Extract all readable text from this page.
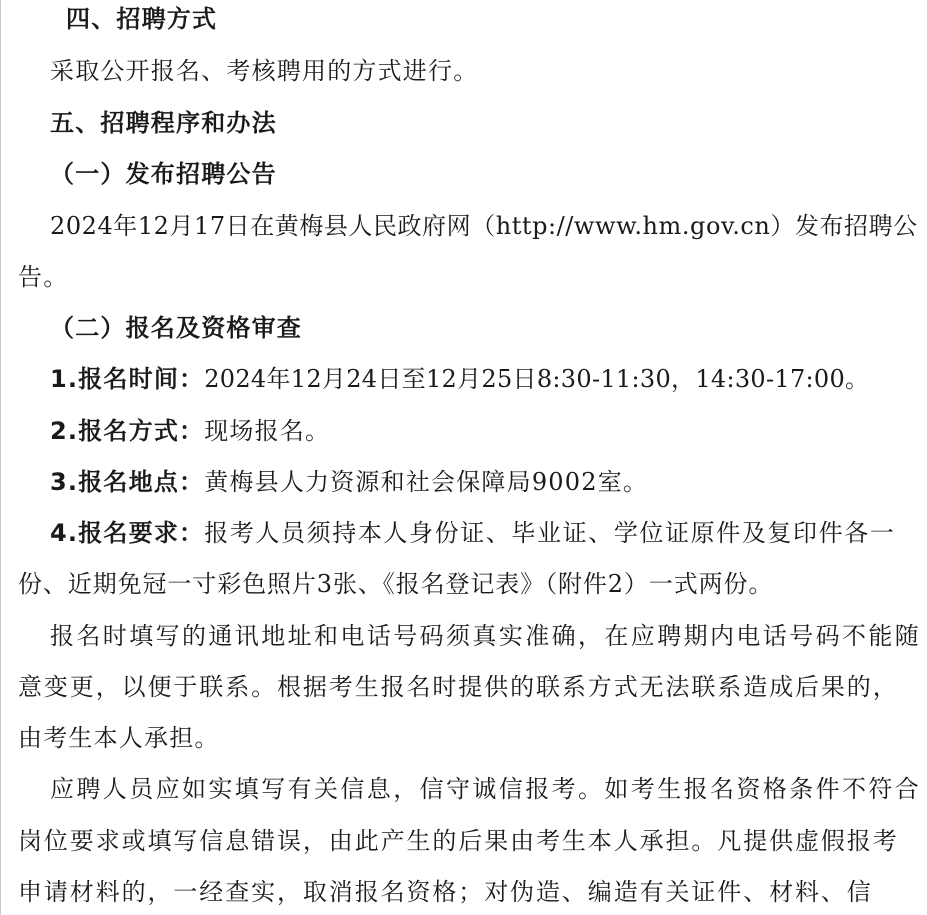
四、招聘方式
采取公开报名、考核聘用的方式进行。
五、招聘程序和办法
（一）发布招聘公告
2024年12月17日在黄梅县人民政府网（http://www.hm.gov.cn）发布招聘公
告。
（二）报名及资格审查
1.报名时间：2024年12月24日至12月25日8:30-11:30，14:30-17:00。
2.报名方式：现场报名。
3.报名地点：黄梅县人力资源和社会保障局9002室。
4.报名要求：报考人员须持本人身份证、毕业证、学位证原件及复印件各一
份、近期免冠一寸彩色照片3张、《报名登记表》（附件2）一式两份。
报名时填写的通讯地址和电话号码须真实准确，在应聘期内电话号码不能随
意变更，以便于联系。根据考生报名时提供的联系方式无法联系造成后果的，
由考生本人承担。
应聘人员应如实填写有关信息，信守诚信报考。如考生报名资格条件不符合
岗位要求或填写信息错误，由此产生的后果由考生本人承担。凡提供虚假报考
申请材料的，一经查实，取消报名资格；对伪造、编造有关证件、材料、信
